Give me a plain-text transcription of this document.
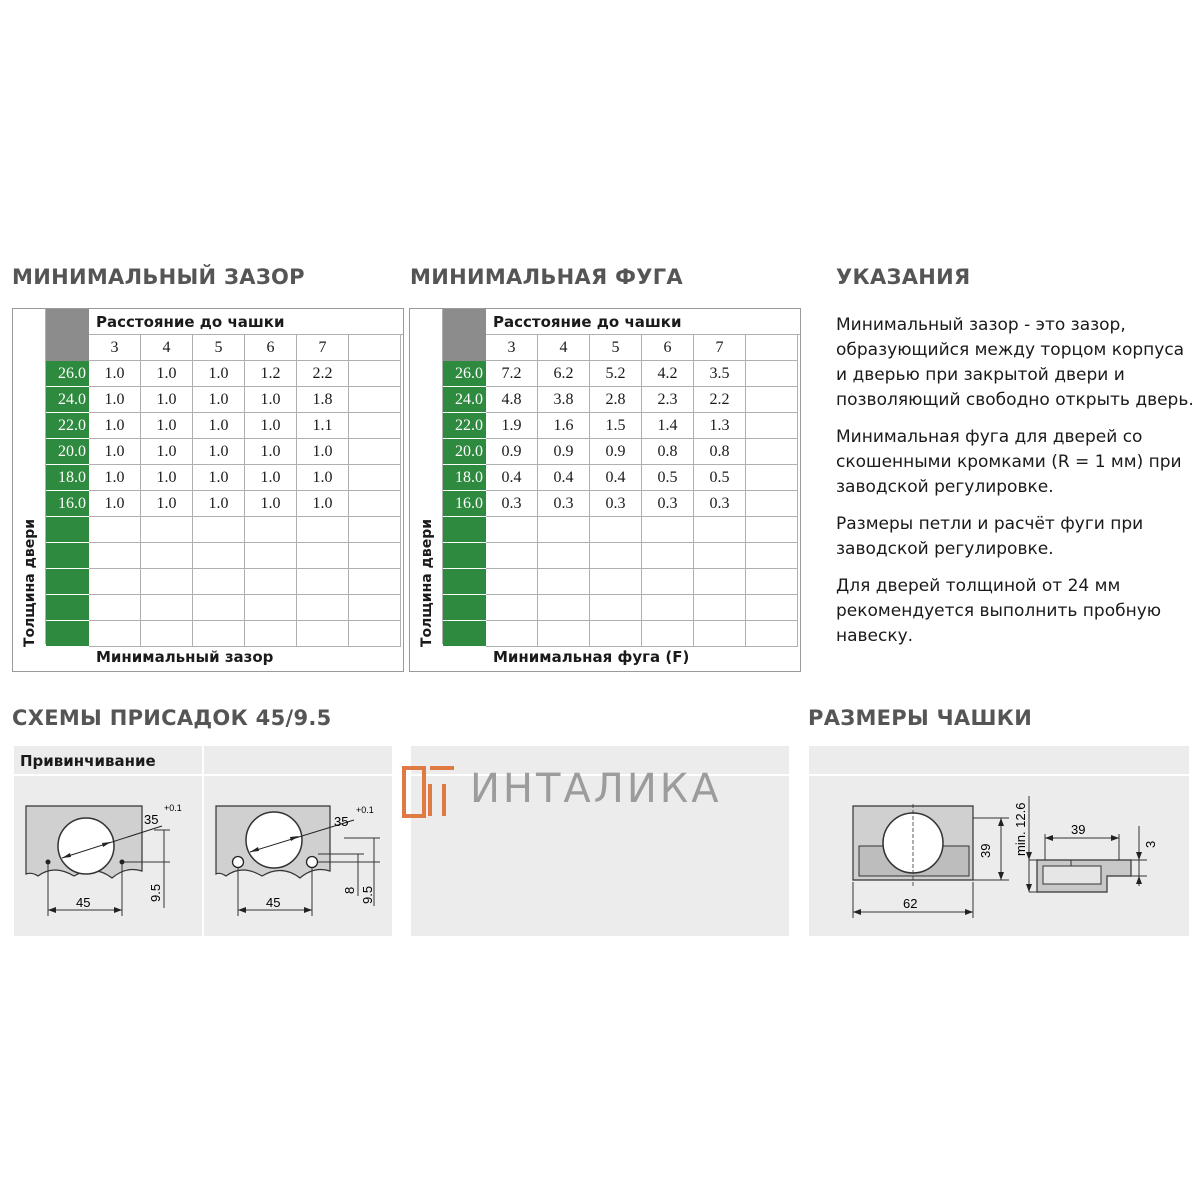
МИНИМАЛЬНЫЙ ЗАЗОР	МИНИМАЛЬНАЯ ФУГА	УКАЗАНИЯ
СХЕМЫ ПРИСАДОК 45/9.5	РАЗМЕРЫ ЧАШКИ
Толщина двери
Расстояние до чашки
3	4	5	6	7
26.0	1.0	1.0	1.0	1.2	2.2
24.0	1.0	1.0	1.0	1.0	1.8
22.0	1.0	1.0	1.0	1.0	1.1
20.0	1.0	1.0	1.0	1.0	1.0
18.0	1.0	1.0	1.0	1.0	1.0
16.0	1.0	1.0	1.0	1.0	1.0
Минимальный зазор
Толщина двери
Расстояние до чашки
3	4	5	6	7
26.0	7.2	6.2	5.2	4.2	3.5
24.0	4.8	3.8	2.8	2.3	2.2
22.0	1.9	1.6	1.5	1.4	1.3
20.0	0.9	0.9	0.9	0.8	0.8
18.0	0.4	0.4	0.4	0.5	0.5
16.0	0.3	0.3	0.3	0.3	0.3
Минимальная фуга (F)

Минимальный зазор - это зазор, образующийся между торцом корпуса и дверью при закрытой двери и позволяющий свободно открыть дверь.

Минимальная фуга для дверей со скошенными кромками (R = 1 мм) при заводской регулировке.

Размеры петли и расчёт фуги при заводской регулировке.

Для дверей толщиной от 24 мм рекомендуется выполнить пробную навеску.

Привинчивание
35
+0.1
45
9.5
35
+0.1
45
8 9.5
ИНТАЛИКА
39
62
min. 12.6	39
3
